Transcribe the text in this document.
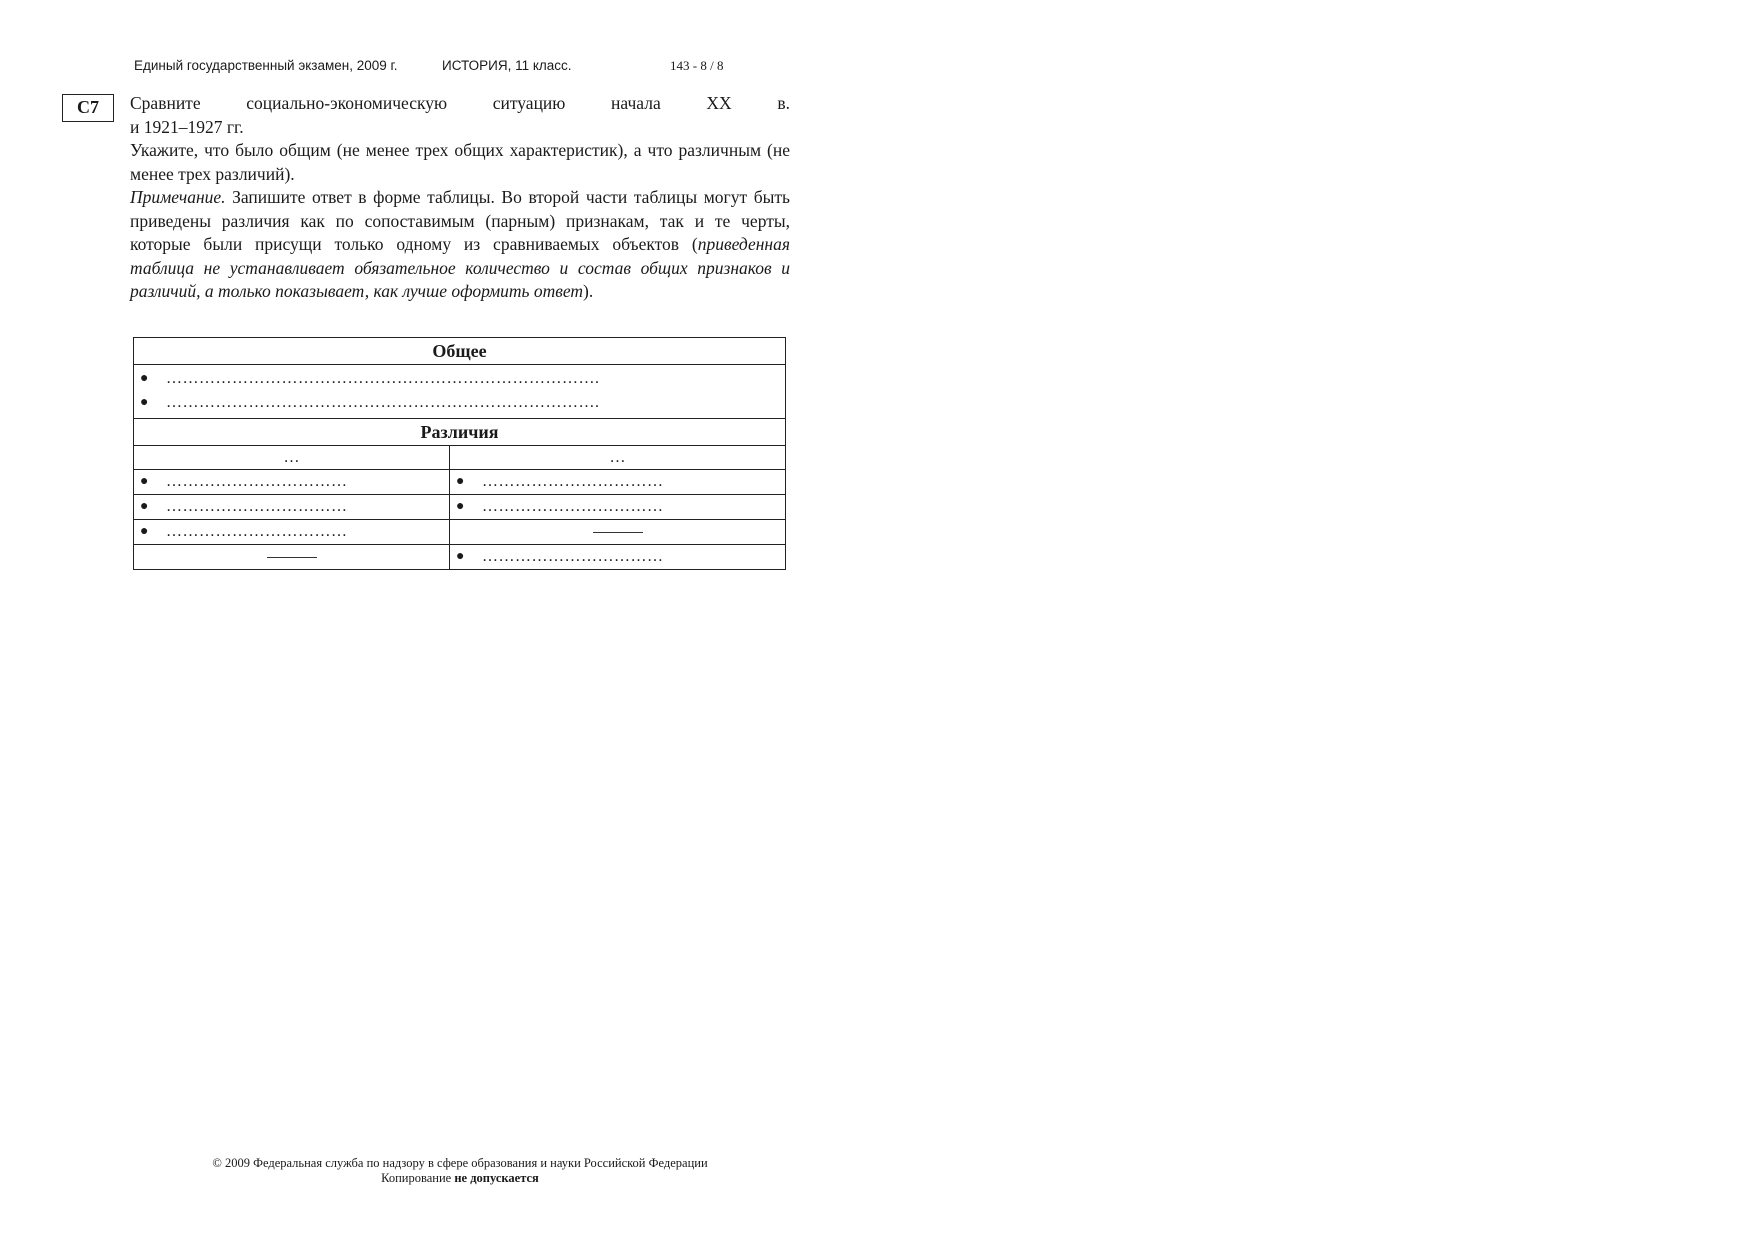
Единый государственный экзамен, 2009 г.	ИСТОРИЯ, 11 класс.	143 - 8 / 8
С7	Сравните социально-экономическую ситуацию начала XX в.

и 1921–1927 гг.

Укажите, что было общим (не менее трех общих характеристик), а что различным (не менее трех различий).

Примечание. Запишите ответ в форме таблицы. Во второй части таблицы могут быть приведены различия как по сопоставимым (парным) признакам, так и те черты, которые были присущи только одному из сравниваемых объектов (приведенная таблица не устанавливает обязательное количество и состав общих признаков и различий, а только показывает, как лучше оформить ответ).

Общее	

● …………………………………………………………………….
● …………………………………………………………………….	

Различия	
…	…

● ……………………………	● ……………………………

● ……………………………	● ……………………………

● ……………………………	

	● ……………………………
© 2009 Федеральная служба по надзору в сфере образования и науки Российской Федерации
Копирование не допускается
